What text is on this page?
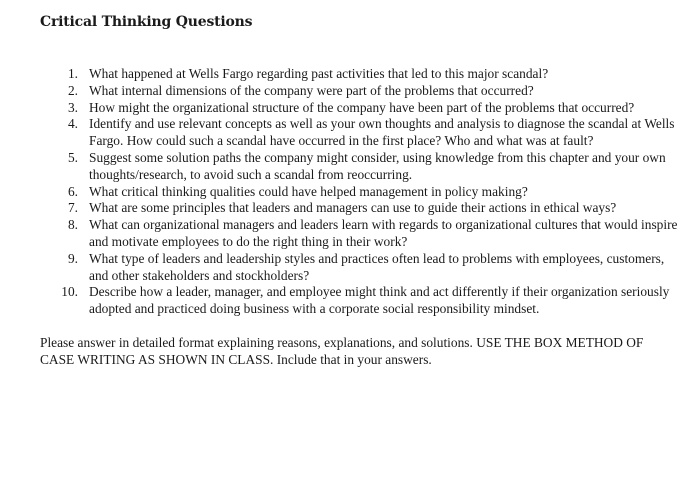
Critical Thinking Questions
1. What happened at Wells Fargo regarding past activities that led to this major scandal?
2. What internal dimensions of the company were part of the problems that occurred?
3. How might the organizational structure of the company have been part of the problems that occurred?
4. Identify and use relevant concepts as well as your own thoughts and analysis to diagnose the scandal at Wells Fargo. How could such a scandal have occurred in the first place? Who and what was at fault?
5. Suggest some solution paths the company might consider, using knowledge from this chapter and your own thoughts/research, to avoid such a scandal from reoccurring.
6. What critical thinking qualities could have helped management in policy making?
7. What are some principles that leaders and managers can use to guide their actions in ethical ways?
8. What can organizational managers and leaders learn with regards to organizational cultures that would inspire and motivate employees to do the right thing in their work?
9. What type of leaders and leadership styles and practices often lead to problems with employees, customers, and other stakeholders and stockholders?
10. Describe how a leader, manager, and employee might think and act differently if their organization seriously adopted and practiced doing business with a corporate social responsibility mindset.

Please answer in detailed format explaining reasons, explanations, and solutions. USE THE BOX METHOD OF CASE WRITING AS SHOWN IN CLASS. Include that in your answers.
